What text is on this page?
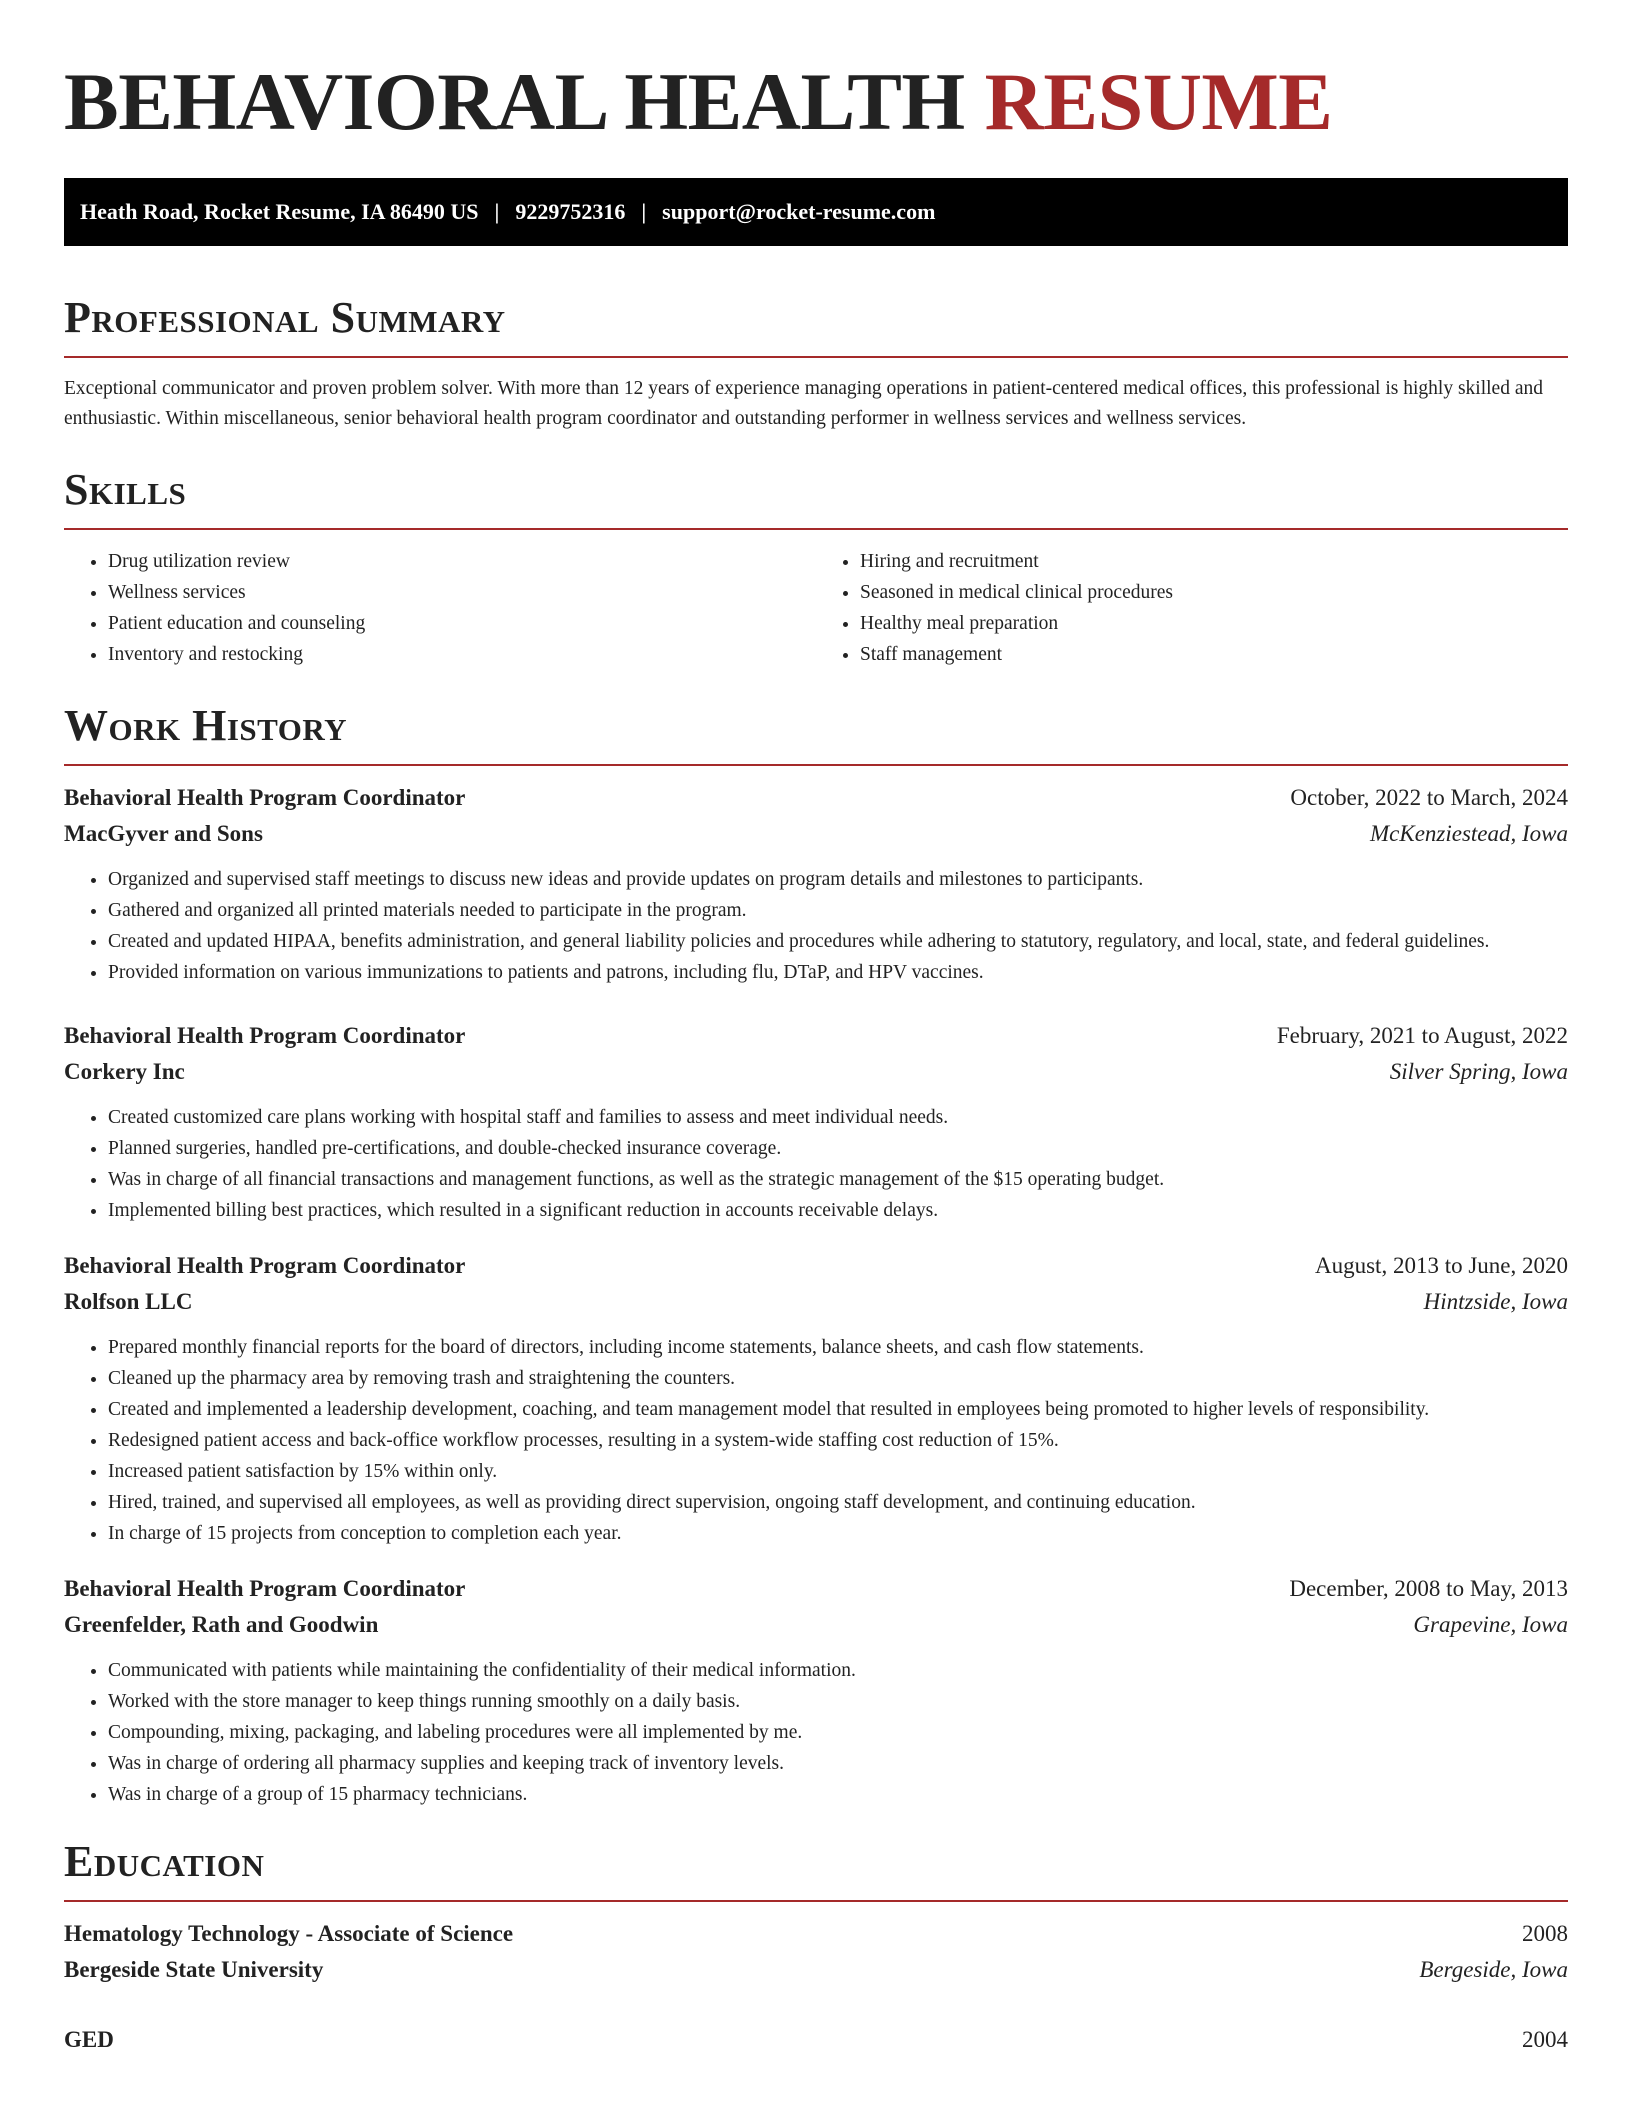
BEHAVIORAL HEALTH RESUME
Heath Road, Rocket Resume, IA 86490 US | 9229752316 | support@rocket-resume.com
Professional Summary

Exceptional communicator and proven problem solver. With more than 12 years of experience managing operations in patient-centered medical offices, this professional is highly skilled and enthusiastic. Within miscellaneous, senior behavioral health program coordinator and outstanding performer in wellness services and wellness services.

Skills
• Drug utilization review
• Wellness services
• Patient education and counseling
• Inventory and restocking
• Hiring and recruitment
• Seasoned in medical clinical procedures
• Healthy meal preparation
• Staff management
Work History
Behavioral Health Program Coordinator	October, 2022 to March, 2024
MacGyver and Sons	McKenziestead, Iowa
• Organized and supervised staff meetings to discuss new ideas and provide updates on program details and milestones to participants.
• Gathered and organized all printed materials needed to participate in the program.
• Created and updated HIPAA, benefits administration, and general liability policies and procedures while adhering to statutory, regulatory, and local, state, and federal guidelines.
• Provided information on various immunizations to patients and patrons, including flu, DTaP, and HPV vaccines.
Behavioral Health Program Coordinator	February, 2021 to August, 2022
Corkery Inc	Silver Spring, Iowa
• Created customized care plans working with hospital staff and families to assess and meet individual needs.
• Planned surgeries, handled pre-certifications, and double-checked insurance coverage.
• Was in charge of all financial transactions and management functions, as well as the strategic management of the $15 operating budget.
• Implemented billing best practices, which resulted in a significant reduction in accounts receivable delays.
Behavioral Health Program Coordinator	August, 2013 to June, 2020
Rolfson LLC	Hintzside, Iowa
• Prepared monthly financial reports for the board of directors, including income statements, balance sheets, and cash flow statements.
• Cleaned up the pharmacy area by removing trash and straightening the counters.
• Created and implemented a leadership development, coaching, and team management model that resulted in employees being promoted to higher levels of responsibility.
• Redesigned patient access and back-office workflow processes, resulting in a system-wide staffing cost reduction of 15%.
• Increased patient satisfaction by 15% within only.
• Hired, trained, and supervised all employees, as well as providing direct supervision, ongoing staff development, and continuing education.
• In charge of 15 projects from conception to completion each year.
Behavioral Health Program Coordinator	December, 2008 to May, 2013
Greenfelder, Rath and Goodwin	Grapevine, Iowa
• Communicated with patients while maintaining the confidentiality of their medical information.
• Worked with the store manager to keep things running smoothly on a daily basis.
• Compounding, mixing, packaging, and labeling procedures were all implemented by me.
• Was in charge of ordering all pharmacy supplies and keeping track of inventory levels.
• Was in charge of a group of 15 pharmacy technicians.
Education
Hematology Technology - Associate of Science	2008
Bergeside State University	Bergeside, Iowa
GED	2004
